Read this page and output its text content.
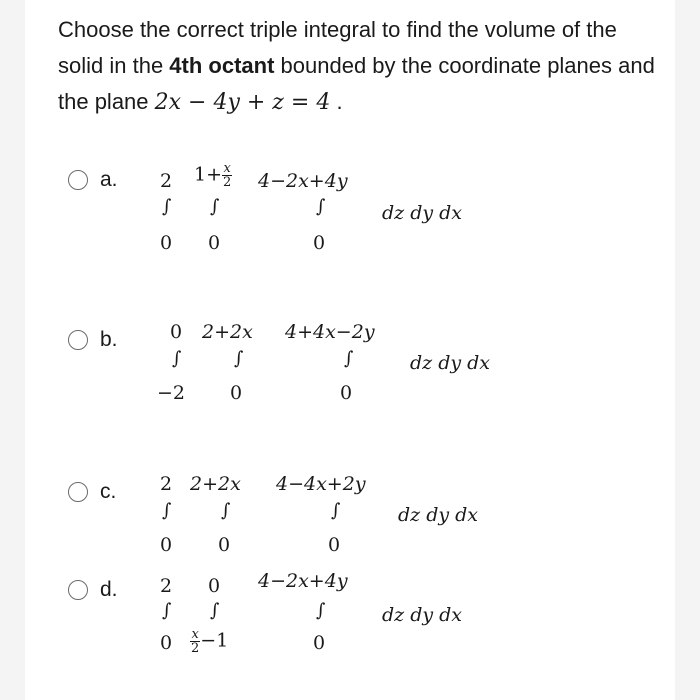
Choose the correct triple integral to find the volume of the solid in the 4th octant bounded by the coordinate planes and the plane 2x − 4y + z = 4 .
a. 2
∫
0
$1+ \frac{x}{2}$
∫
0
4−2x+4y
∫
0
dz dy dx
b.	0
∫
−2
2+2x
∫
0
4+4x−2y
∫
0
dz dy dx
c. 2
∫
0
2+2x
∫
0
4−4x+2y
∫
0
dz dy dx
d. 2
∫
0
0
∫
$\frac{x}{2} -1$
4−2x+4y
∫
0
dz dy dx
